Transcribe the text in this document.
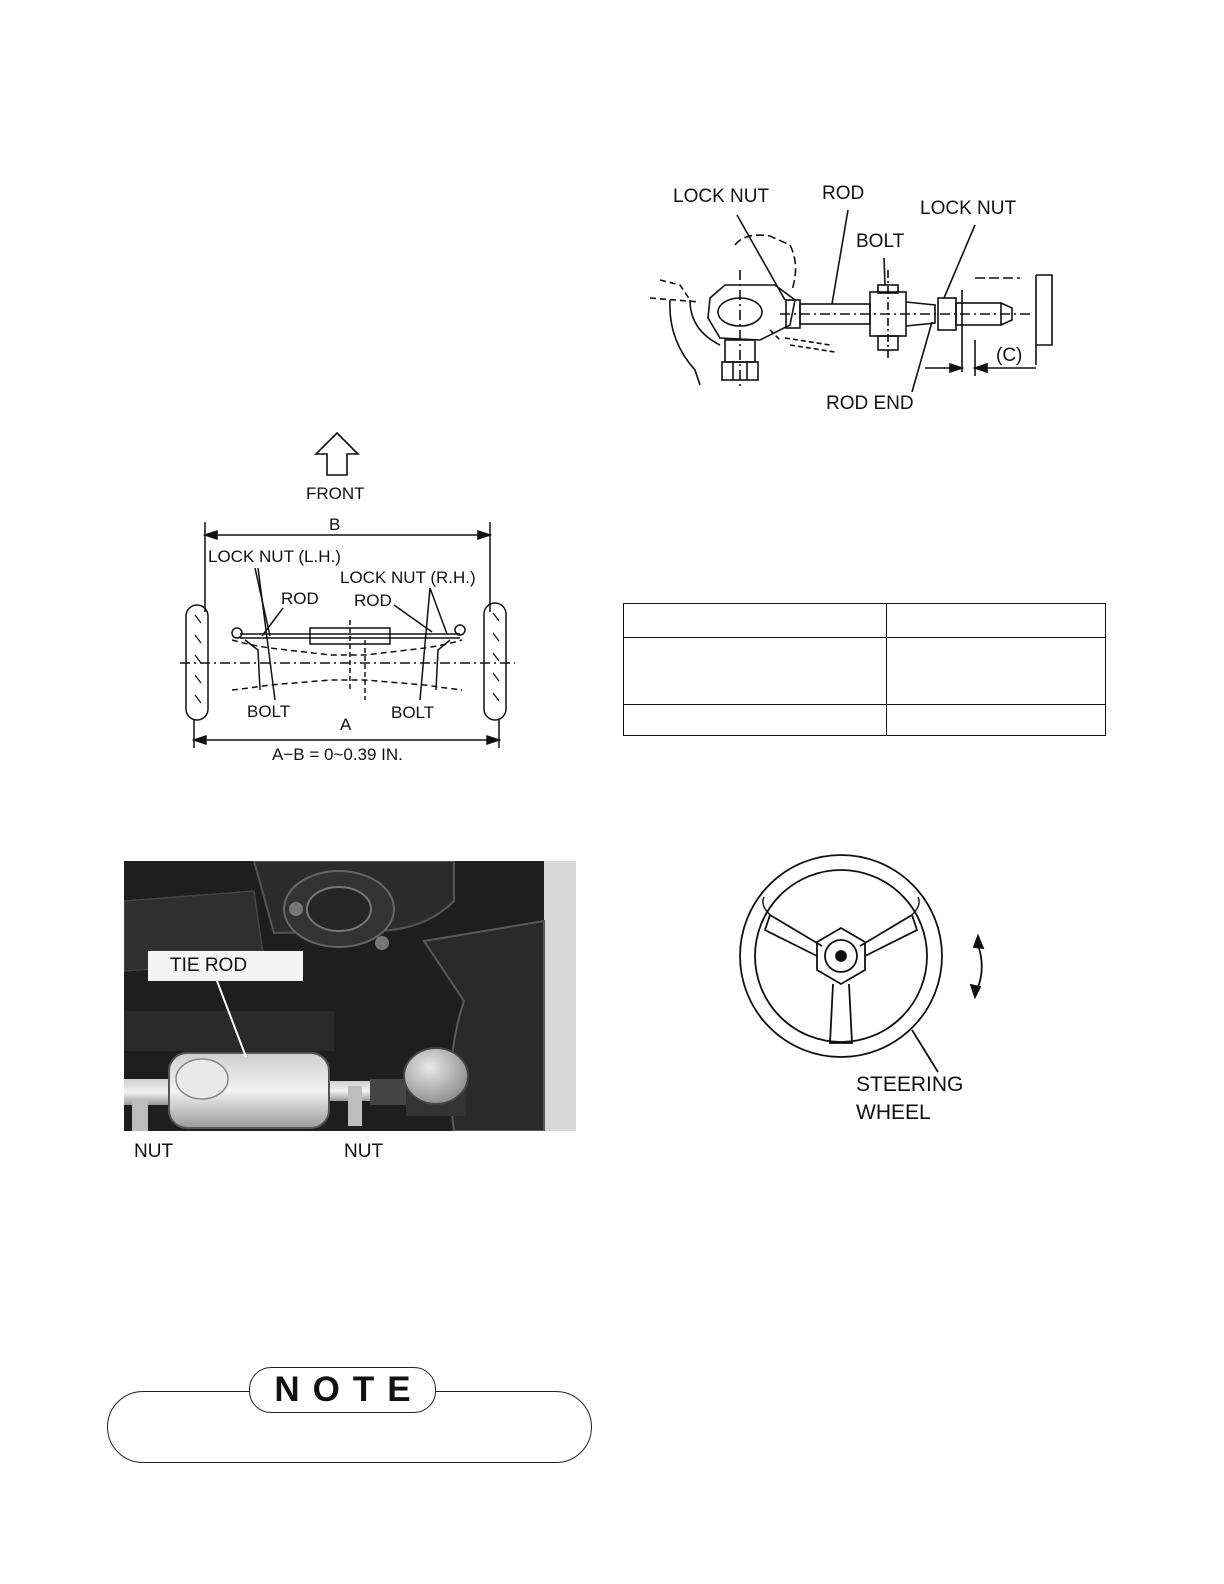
LOCK NUT	ROD
LOCK NUT
BOLT
(C)
ROD END
FRONT
B
LOCK NUT (L.H.)
LOCK NUT (R.H.)
ROD ROD
BOLT	BOLT
A
A−B = 0~0.39 IN.

TIE ROD
NUT	NUT
STEERING
WHEEL
NOTE
